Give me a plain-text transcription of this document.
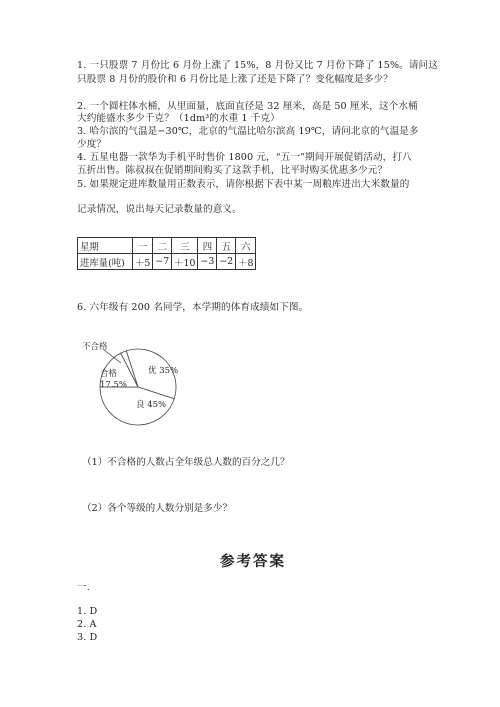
1. 一只股票 7 月份比 6 月份上涨了 15%，8 月份又比 7 月份下降了 15%。请问这
只股票 8 月份的股价和 6 月份比是上涨了还是下降了？变化幅度是多少？
2. 一个圆柱体水桶，从里面量，底面直径是 32 厘米，高是 50 厘米，这个水桶
大约能盛水多少千克？（1dm³的水重 1 千克）
3. 哈尔滨的气温是−30℃，北京的气温比哈尔滨高 19℃，请问北京的气温是多
少度？
4. 五星电器一款华为手机平时售价 1800 元，“五一”期间开展促销活动，打八
五折出售。陈叔叔在促销期间购买了这款手机，比平时购买优惠多少元？
5. 如果规定进库数量用正数表示，请你根据下表中某一周粮库进出大米数量的
记录情况，说出每天记录数量的意义。
星期	一	二	三	四	五	六
进库量(吨)	＋5	−7	＋10	−3	−2	＋8
6. 六年级有 200 名同学，本学期的体育成绩如下图。
不合格
合格
17.5%
优 35%
良 45%
（1）不合格的人数占全年级总人数的百分之几？
（2）各个等级的人数分别是多少？
参考答案
一.
1. D
2. A
3. D
